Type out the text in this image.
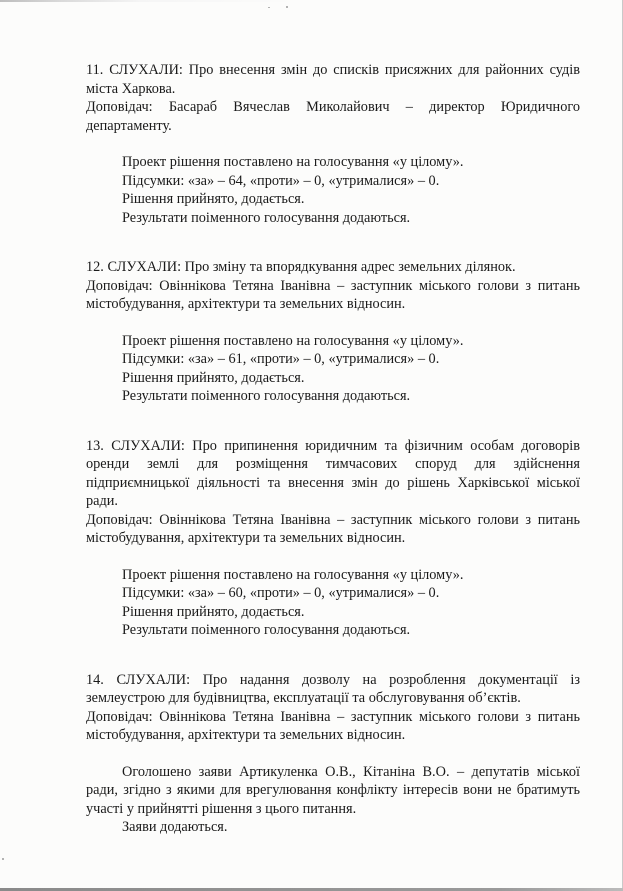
11. СЛУХАЛИ: Про внесення змін до списків присяжних для районних судів міста Харкова.

Доповідач: Басараб Вячеслав Миколайович – директор Юридичного департаменту.

Проект рішення поставлено на голосування «у цілому».

Підсумки: «за» – 64, «проти» – 0, «утрималися» – 0.

Рішення прийнято, додається.

Результати поіменного голосування додаються.

12. СЛУХАЛИ: Про зміну та впорядкування адрес земельних ділянок.

Доповідач: Овіннікова Тетяна Іванівна – заступник міського голови з питань містобудування, архітектури та земельних відносин.

Проект рішення поставлено на голосування «у цілому».

Підсумки: «за» – 61, «проти» – 0, «утрималися» – 0.

Рішення прийнято, додається.

Результати поіменного голосування додаються.

13. СЛУХАЛИ: Про припинення юридичним та фізичним особам договорів оренди землі для розміщення тимчасових споруд для здійснення підприємницької діяльності та внесення змін до рішень Харківської міської ради.

Доповідач: Овіннікова Тетяна Іванівна – заступник міського голови з питань містобудування, архітектури та земельних відносин.

Проект рішення поставлено на голосування «у цілому».

Підсумки: «за» – 60, «проти» – 0, «утрималися» – 0.

Рішення прийнято, додається.

Результати поіменного голосування додаються.

14. СЛУХАЛИ: Про надання дозволу на розроблення документації із землеустрою для будівництва, експлуатації та обслуговування об’єктів.

Доповідач: Овіннікова Тетяна Іванівна – заступник міського голови з питань містобудування, архітектури та земельних відносин.

Оголошено заяви Артикуленка О.В., Кітаніна В.О. – депутатів міської ради, згідно з якими для врегулювання конфлікту інтересів вони не братимуть участі у прийнятті рішення з цього питання.

Заяви додаються.
